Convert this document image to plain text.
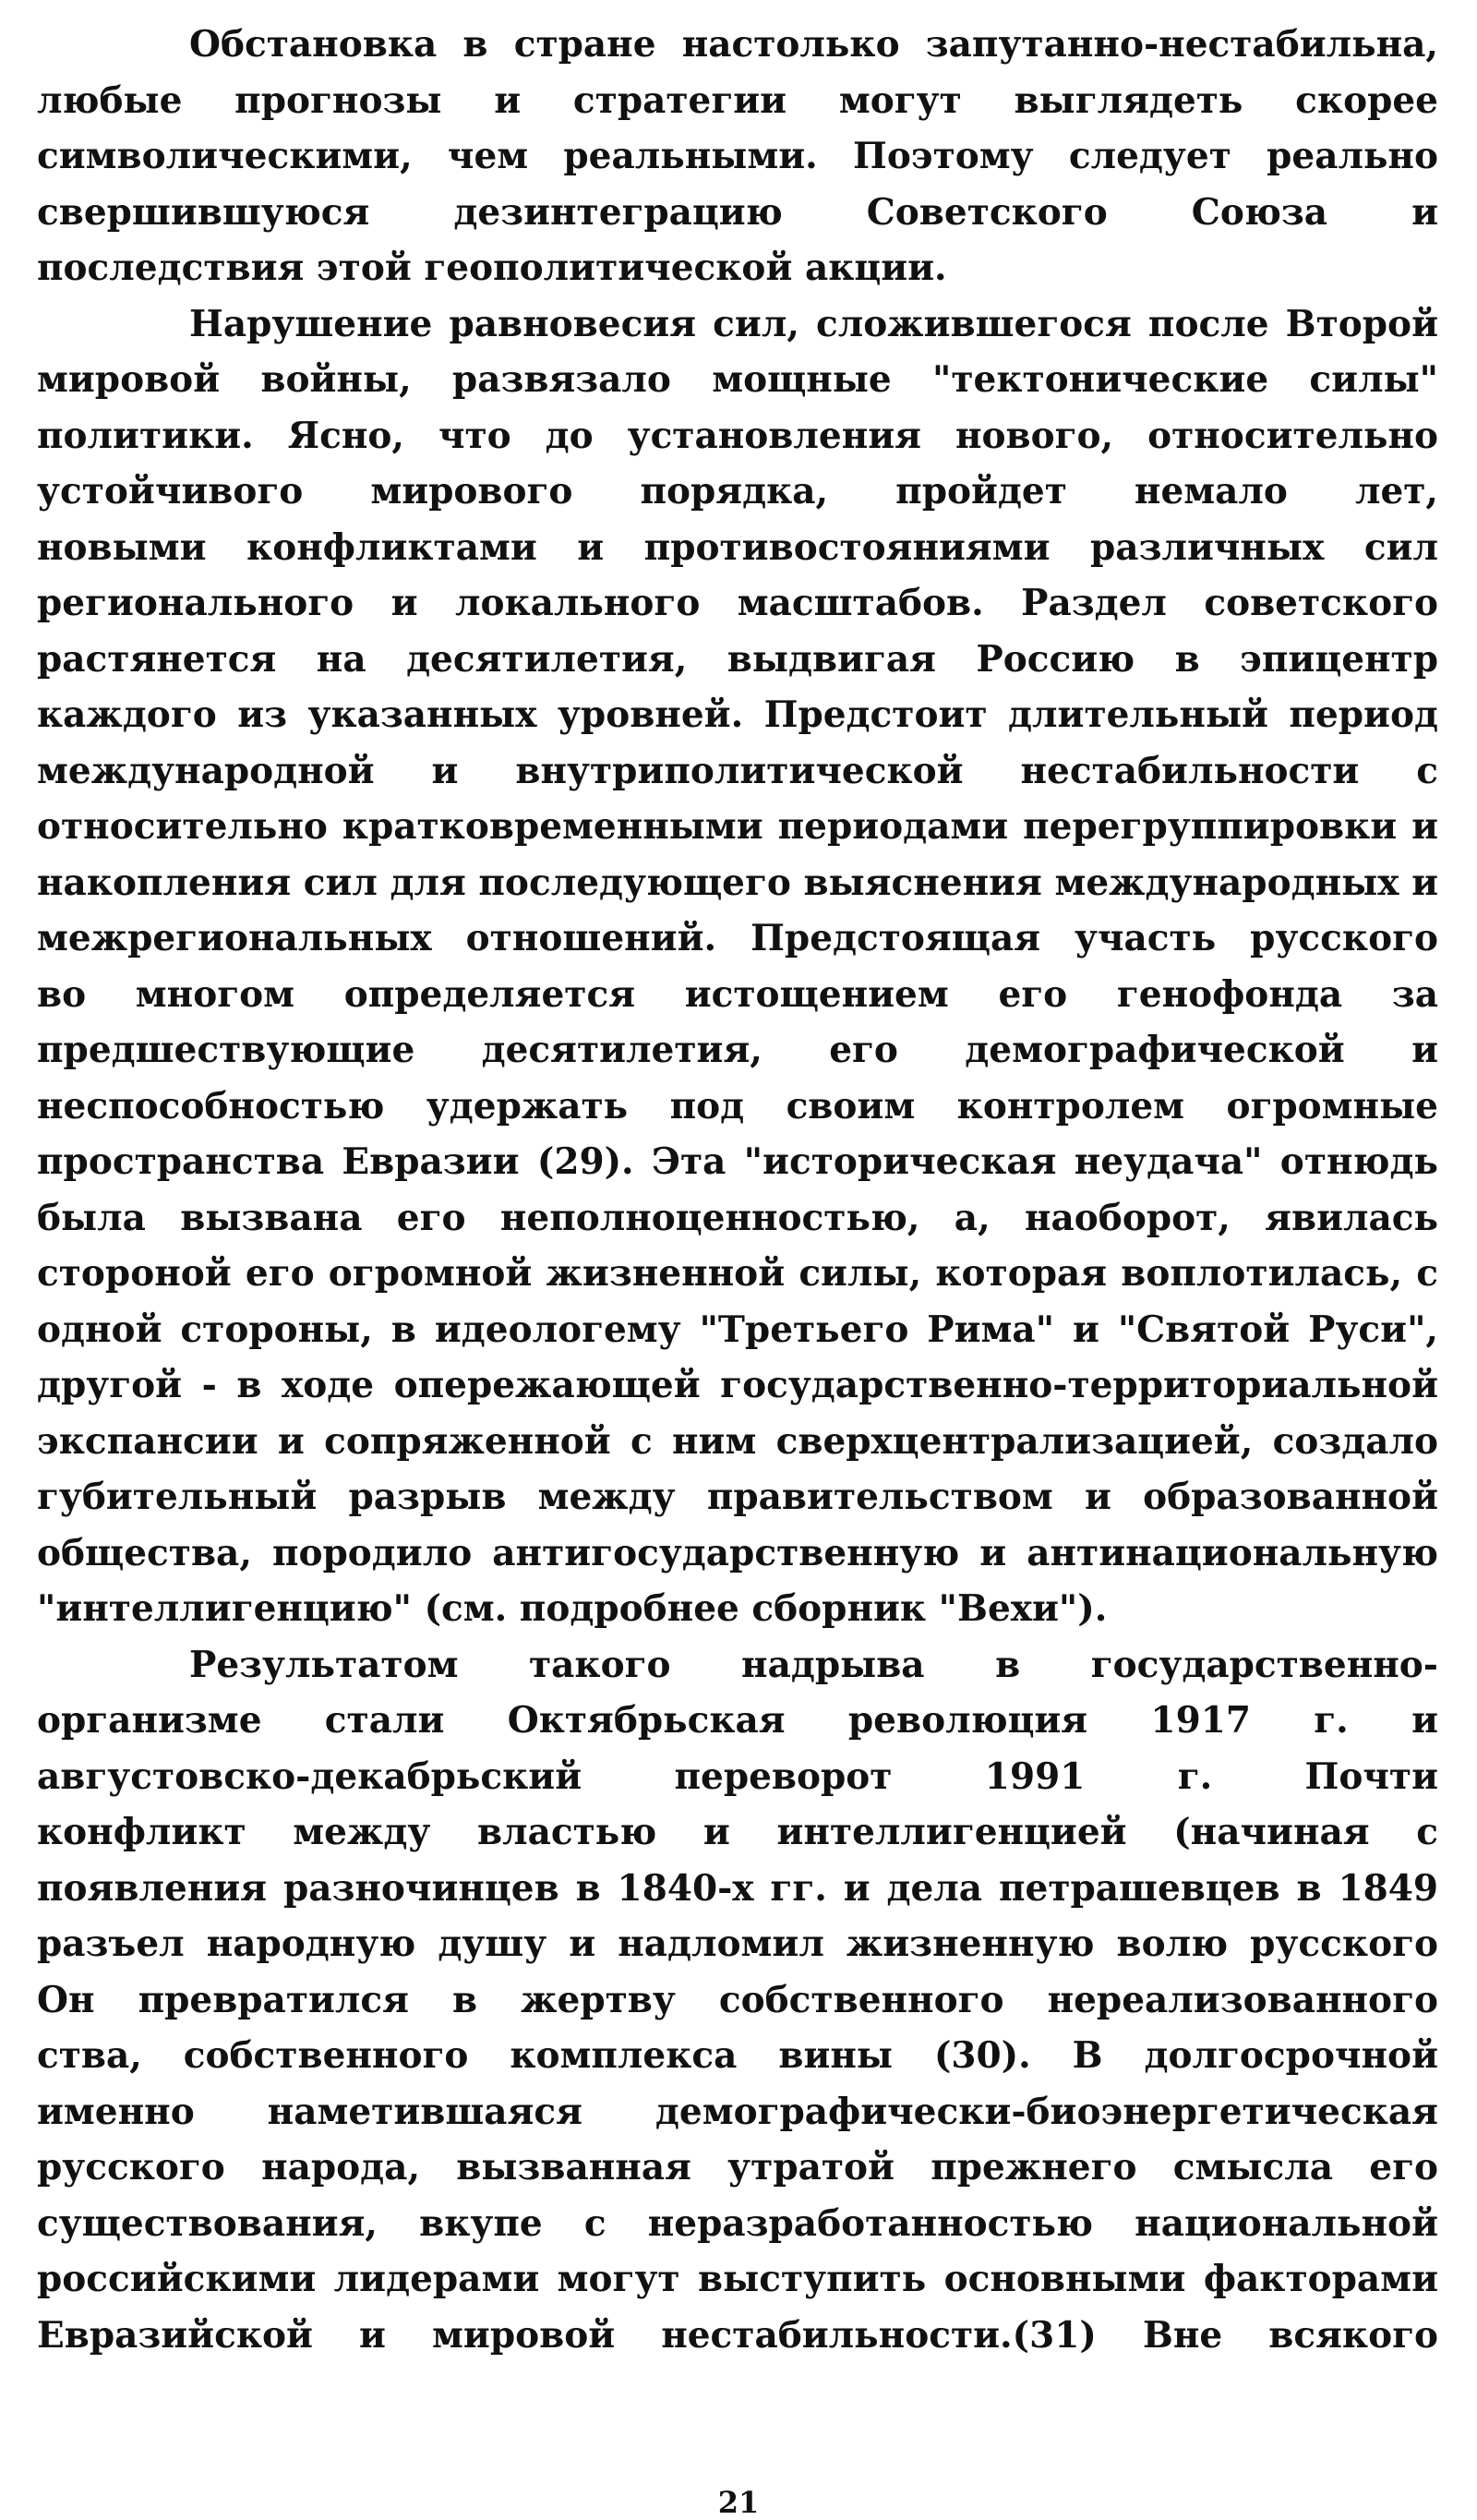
Обстановка в стране настолько запутанно-нестабильна,
любые прогнозы и стратегии могут выглядеть скорее
символическими, чем реальными. Поэтому следует реально
свершившуюся дезинтеграцию Советского Союза и
последствия этой геополитической акции.
Нарушение равновесия сил, сложившегося после Второй
мировой войны, развязало мощные "тектонические силы"
политики. Ясно, что до установления нового, относительно
устойчивого мирового порядка, пройдет немало лет,
новыми конфликтами и противостояниями различных сил
регионального и локального масштабов. Раздел советского
растянется на десятилетия, выдвигая Россию в эпицентр
каждого из указанных уровней. Предстоит длительный период
международной и внутриполитической нестабильности с
относительно кратковременными периодами перегруппировки и
накопления сил для последующего выяснения международных и
межрегиональных отношений. Предстоящая участь русского
во многом определяется истощением его генофонда за
предшествующие десятилетия, его демографической и
неспособностью удержать под своим контролем огромные
пространства Евразии (29). Эта "историческая неудача" отнюдь
была вызвана его неполноценностью, а, наоборот, явилась
стороной его огромной жизненной силы, которая воплотилась, с
одной стороны, в идеологему "Третьего Рима" и "Святой Руси",
другой - в ходе опережающей государственно-территориальной
экспансии и сопряженной с ним сверхцентрализацией, создало
губительный разрыв между правительством и образованной
общества, породило антигосударственную и антинациональную
"интеллигенцию" (см. подробнее сборник "Вехи").
Результатом такого надрыва в государственно-
организме стали Октябрьская революция 1917 г. и
августовско-декабрьский переворот 1991 г. Почти
конфликт между властью и интеллигенцией (начиная с
появления разночинцев в 1840-х гг. и дела петрашевцев в 1849
разъел народную душу и надломил жизненную волю русского
Он превратился в жертву собственного нереализованного
ства, собственного комплекса вины (30). В долгосрочной
именно наметившаяся демографически-биоэнергетическая
русского народа, вызванная утратой прежнего смысла его
существования, вкупе с неразработанностью национальной
российскими лидерами могут выступить основными факторами
Евразийской и мировой нестабильности.(31) Вне всякого
21
